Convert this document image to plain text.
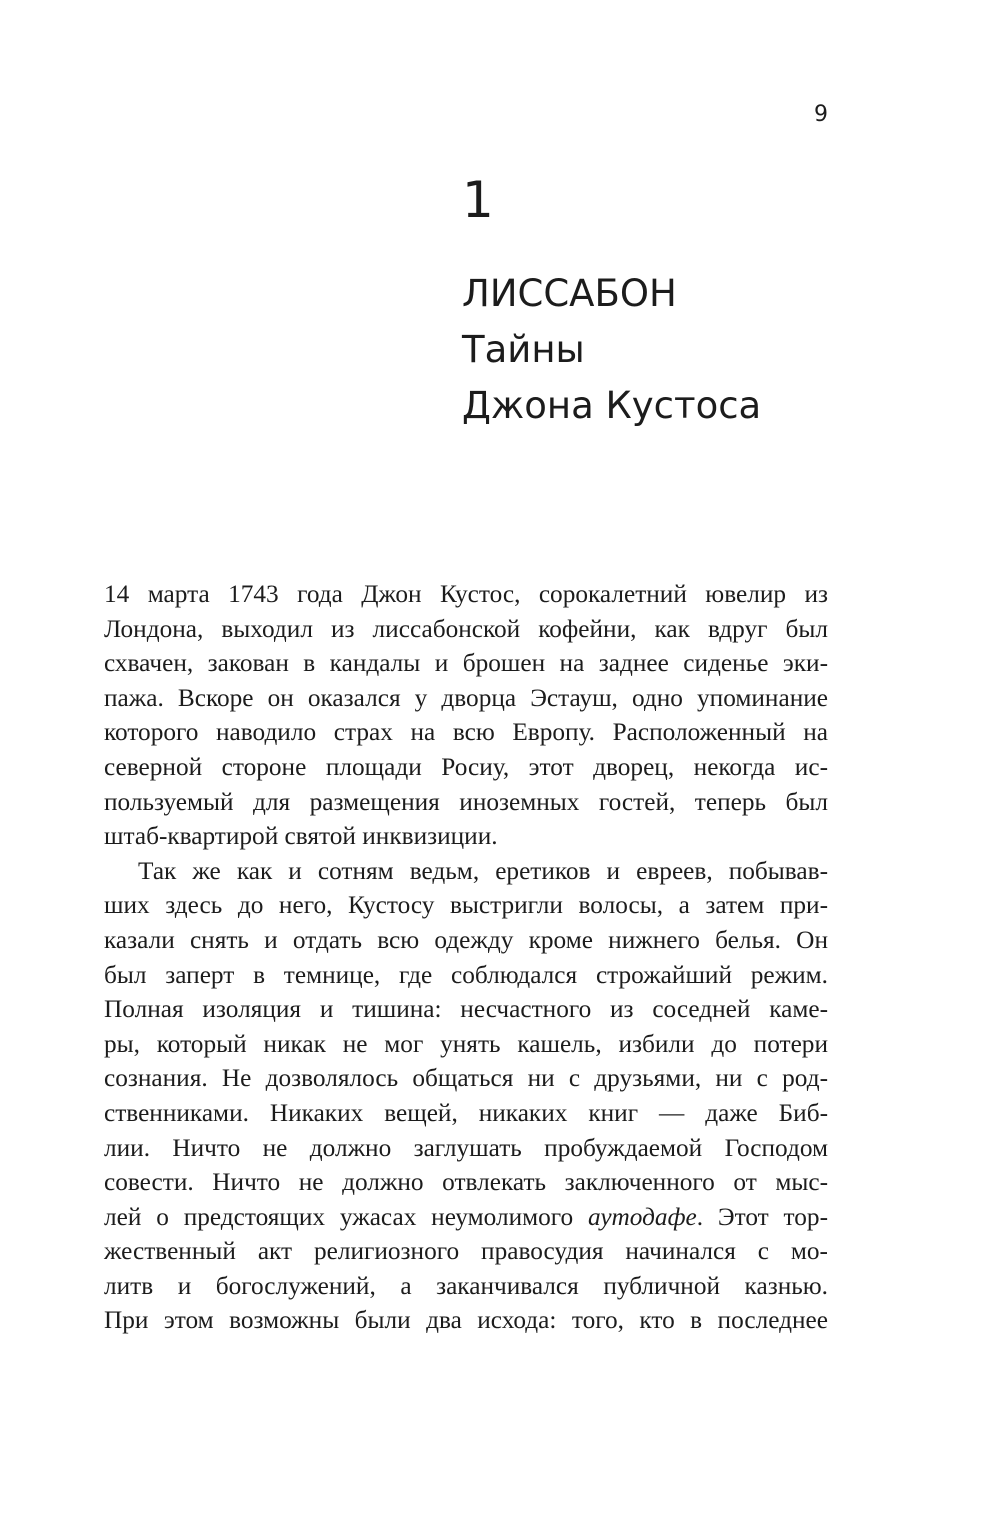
9
1
ЛИССАБОН
Тайны
Джона Кустоса
14 марта 1743 года Джон Кустос, сорокалетний ювелир из
Лондона, выходил из лиссабонской кофейни, как вдруг был
схвачен, закован в кандалы и брошен на заднее сиденье эки-
пажа. Вскоре он оказался у дворца Эстауш, одно упоминание
которого наводило страх на всю Европу. Расположенный на
северной стороне площади Росиу, этот дворец, некогда ис-
пользуемый для размещения иноземных гостей, теперь был
штаб-квартирой святой инквизиции.
Так же как и сотням ведьм, еретиков и евреев, побывав-
ших здесь до него, Кустосу выстригли волосы, а затем при-
казали снять и отдать всю одежду кроме нижнего белья. Он
был заперт в темнице, где соблюдался строжайший режим.
Полная изоляция и тишина: несчастного из соседней каме-
ры, который никак не мог унять кашель, избили до потери
сознания. Не дозволялось общаться ни с друзьями, ни с род-
ственниками. Никаких вещей, никаких книг — даже Биб-
лии. Ничто не должно заглушать пробуждаемой Господом
совести. Ничто не должно отвлекать заключенного от мыс-
лей о предстоящих ужасах неумолимого аутодафе. Этот тор-
жественный акт религиозного правосудия начинался с мо-
литв и богослужений, а заканчивался публичной казнью.
При этом возможны были два исхода: того, кто в последнее
